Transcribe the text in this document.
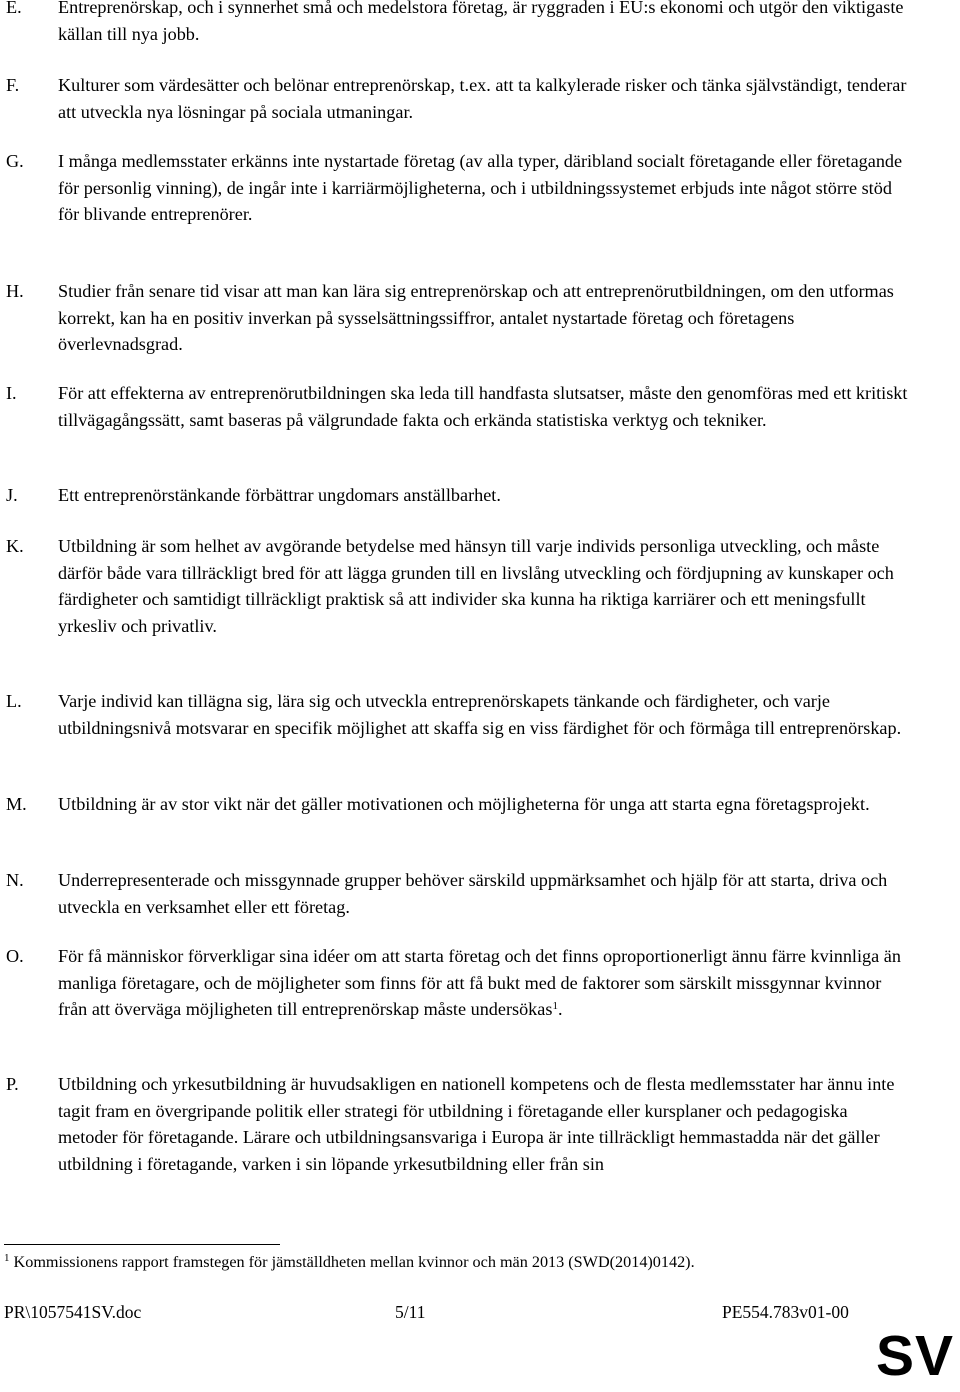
E. Entreprenörskap, och i synnerhet små och medelstora företag, är ryggraden i EU:s ekonomi och utgör den viktigaste källan till nya jobb.
F. Kulturer som värdesätter och belönar entreprenörskap, t.ex. att ta kalkylerade risker och tänka självständigt, tenderar att utveckla nya lösningar på sociala utmaningar.
G. I många medlemsstater erkänns inte nystartade företag (av alla typer, däribland socialt företagande eller företagande för personlig vinning), de ingår inte i karriärmöjligheterna, och i utbildningssystemet erbjuds inte något större stöd för blivande entreprenörer.
H. Studier från senare tid visar att man kan lära sig entreprenörskap och att entreprenörutbildningen, om den utformas korrekt, kan ha en positiv inverkan på sysselsättningssiffror, antalet nystartade företag och företagens överlevnadsgrad.
I. För att effekterna av entreprenörutbildningen ska leda till handfasta slutsatser, måste den genomföras med ett kritiskt tillvägagångssätt, samt baseras på välgrundade fakta och erkända statistiska verktyg och tekniker.
J. Ett entreprenörstänkande förbättrar ungdomars anställbarhet.
K. Utbildning är som helhet av avgörande betydelse med hänsyn till varje individs personliga utveckling, och måste därför både vara tillräckligt bred för att lägga grunden till en livslång utveckling och fördjupning av kunskaper och färdigheter och samtidigt tillräckligt praktisk så att individer ska kunna ha riktiga karriärer och ett meningsfullt yrkesliv och privatliv.
L. Varje individ kan tillägna sig, lära sig och utveckla entreprenörskapets tänkande och färdigheter, och varje utbildningsnivå motsvarar en specifik möjlighet att skaffa sig en viss färdighet för och förmåga till entreprenörskap.
M. Utbildning är av stor vikt när det gäller motivationen och möjligheterna för unga att starta egna företagsprojekt.
N. Underrepresenterade och missgynnade grupper behöver särskild uppmärksamhet och hjälp för att starta, driva och utveckla en verksamhet eller ett företag.
O. För få människor förverkligar sina idéer om att starta företag och det finns oproportionerligt ännu färre kvinnliga än manliga företagare, och de möjligheter som finns för att få bukt med de faktorer som särskilt missgynnar kvinnor från att överväga möjligheten till entreprenörskap måste undersökas$^1$.
P. Utbildning och yrkesutbildning är huvudsakligen en nationell kompetens och de flesta medlemsstater har ännu inte tagit fram en övergripande politik eller strategi för utbildning i företagande eller kursplaner och pedagogiska metoder för företagande. Lärare och utbildningsansvariga i Europa är inte tillräckligt hemmastadda när det gäller utbildning i företagande, varken i sin löpande yrkesutbildning eller från sin
$^1$ Kommissionens rapport framstegen för jämställdheten mellan kvinnor och män 2013 (SWD(2014)0142).
PR\1057541SV.doc	5/11	PE554.783v01-00
SV
